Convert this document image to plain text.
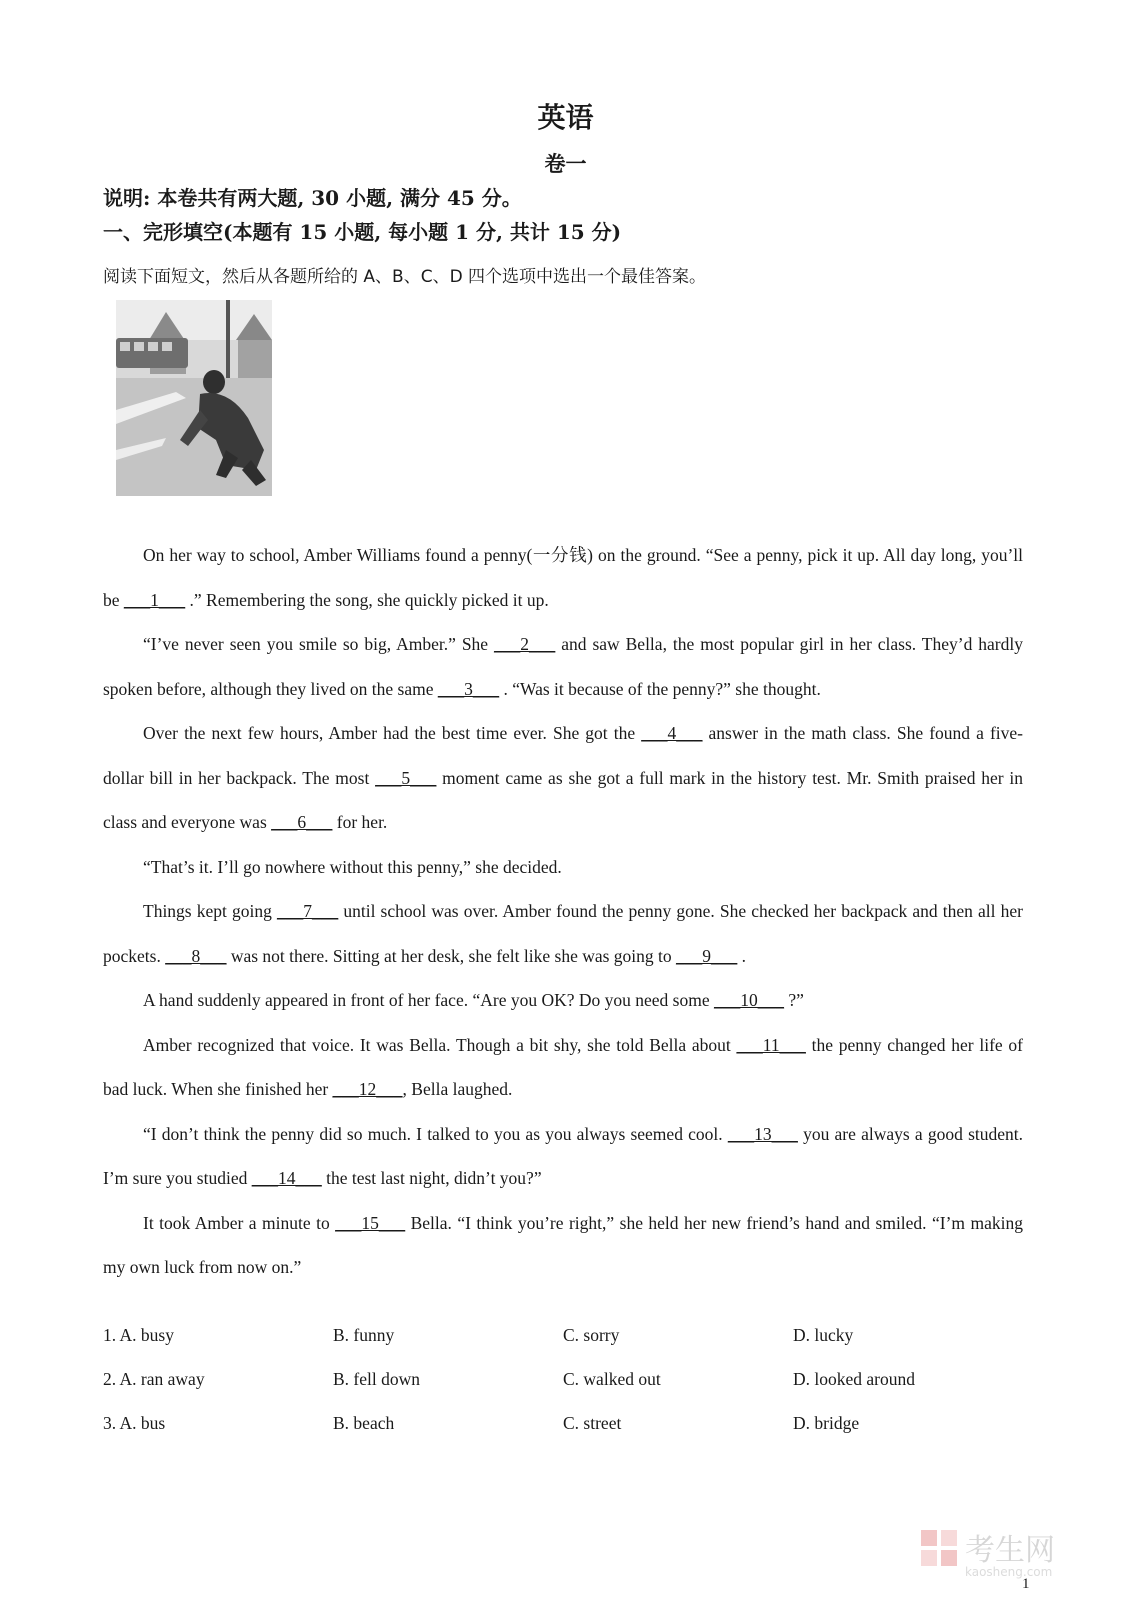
英语
卷一
说明: 本卷共有两大题, 30 小题, 满分 45 分。
一、完形填空(本题有 15 小题, 每小题 1 分, 共计 15 分)
阅读下面短文，然后从各题所给的 A、B、C、D 四个选项中选出一个最佳答案。

On her way to school, Amber Williams found a penny(一分钱) on the ground. “See a penny, pick it up. All day long, you’ll be ___1___ .” Remembering the song, she quickly picked it up.

“I’ve never seen you smile so big, Amber.” She ___2___ and saw Bella, the most popular girl in her class. They’d hardly spoken before, although they lived on the same ___3___ . “Was it because of the penny?” she thought.

Over the next few hours, Amber had the best time ever. She got the ___4___ answer in the math class. She found a five-dollar bill in her backpack. The most ___5___ moment came as she got a full mark in the history test. Mr. Smith praised her in class and everyone was ___6___ for her.

“That’s it. I’ll go nowhere without this penny,” she decided.

Things kept going ___7___ until school was over. Amber found the penny gone. She checked her backpack and then all her pockets. ___8___ was not there. Sitting at her desk, she felt like she was going to ___9___ .

A hand suddenly appeared in front of her face. “Are you OK? Do you need some ___10___ ?”

Amber recognized that voice. It was Bella. Though a bit shy, she told Bella about ___11___ the penny changed her life of bad luck. When she finished her ___12___, Bella laughed.

“I don’t think the penny did so much. I talked to you as you always seemed cool. ___13___ you are always a good student. I’m sure you studied ___14___ the test last night, didn’t you?”

It took Amber a minute to ___15___ Bella. “I think you’re right,” she held her new friend’s hand and smiled. “I’m making my own luck from now on.”

1. A. busy	B. funny	C. sorry	D. lucky
2. A. ran away	B. fell down	C. walked out	D. looked around
3. A. bus	B. beach	C. street	D. bridge
考生网
kaosheng.com
1
